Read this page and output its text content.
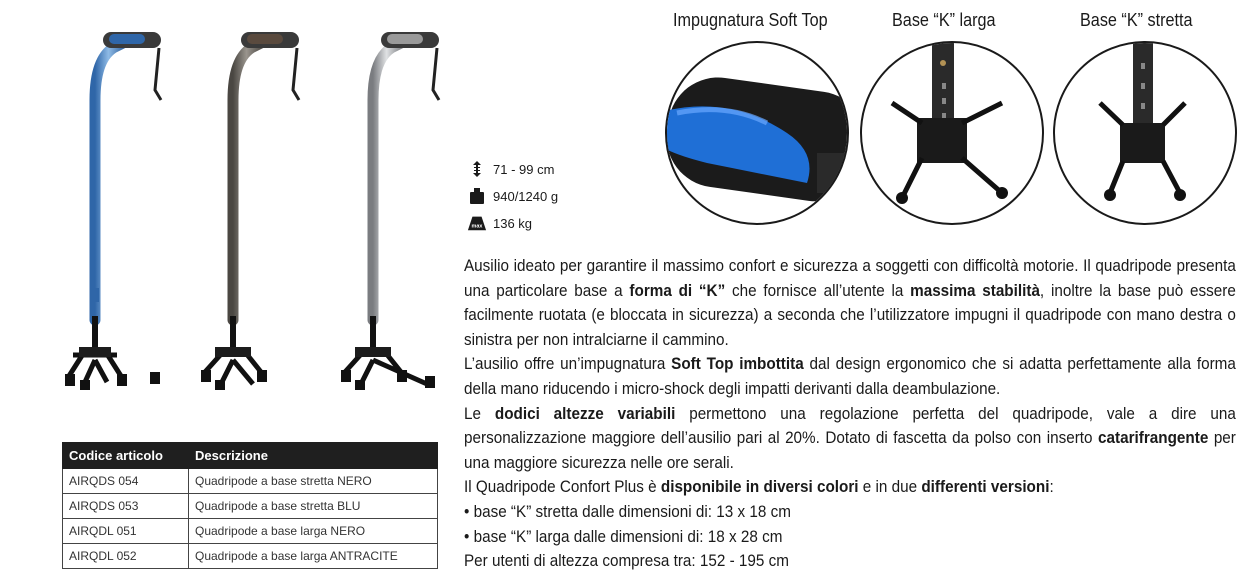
71 - 99 cm
940/1240 g
max 136 kg
Impugnatura Soft Top	Base “K” larga	Base “K” stretta

Ausilio ideato per garantire il massimo confort e sicurezza a soggetti con difficoltà motorie. Il quadripode presenta una particolare base a forma di “K” che fornisce all’utente la massima stabilità, inoltre la base può essere facilmente ruotata (e bloccata in sicurezza) a seconda che l’utilizzatore impugni il quadripode con mano destra o sinistra per non intralciarne il cammino.

L’ausilio offre un’impugnatura Soft Top imbottita dal design ergonomico che si adatta perfettamente alla forma della mano riducendo i micro-shock degli impatti derivanti dalla deambulazione.

Le dodici altezze variabili permettono una regolazione perfetta del quadripode, vale a dire una personalizzazione maggiore dell’ausilio pari al 20%. Dotato di fascetta da polso con inserto catarifrangente per una maggiore sicurezza nelle ore serali.

Il Quadripode Confort Plus è disponibile in diversi colori e in due differenti versioni:

• base “K” stretta dalle dimensioni di: 13 x 18 cm

• base “K” larga dalle dimensioni di: 18 x 28 cm

Per utenti di altezza compresa tra: 152 - 195 cm

Codice articolo	Descrizione
AIRQDS 054	Quadripode a base stretta NERO
AIRQDS 053	Quadripode a base stretta BLU
AIRQDL 051	Quadripode a base larga NERO
AIRQDL 052	Quadripode a base larga ANTRACITE
